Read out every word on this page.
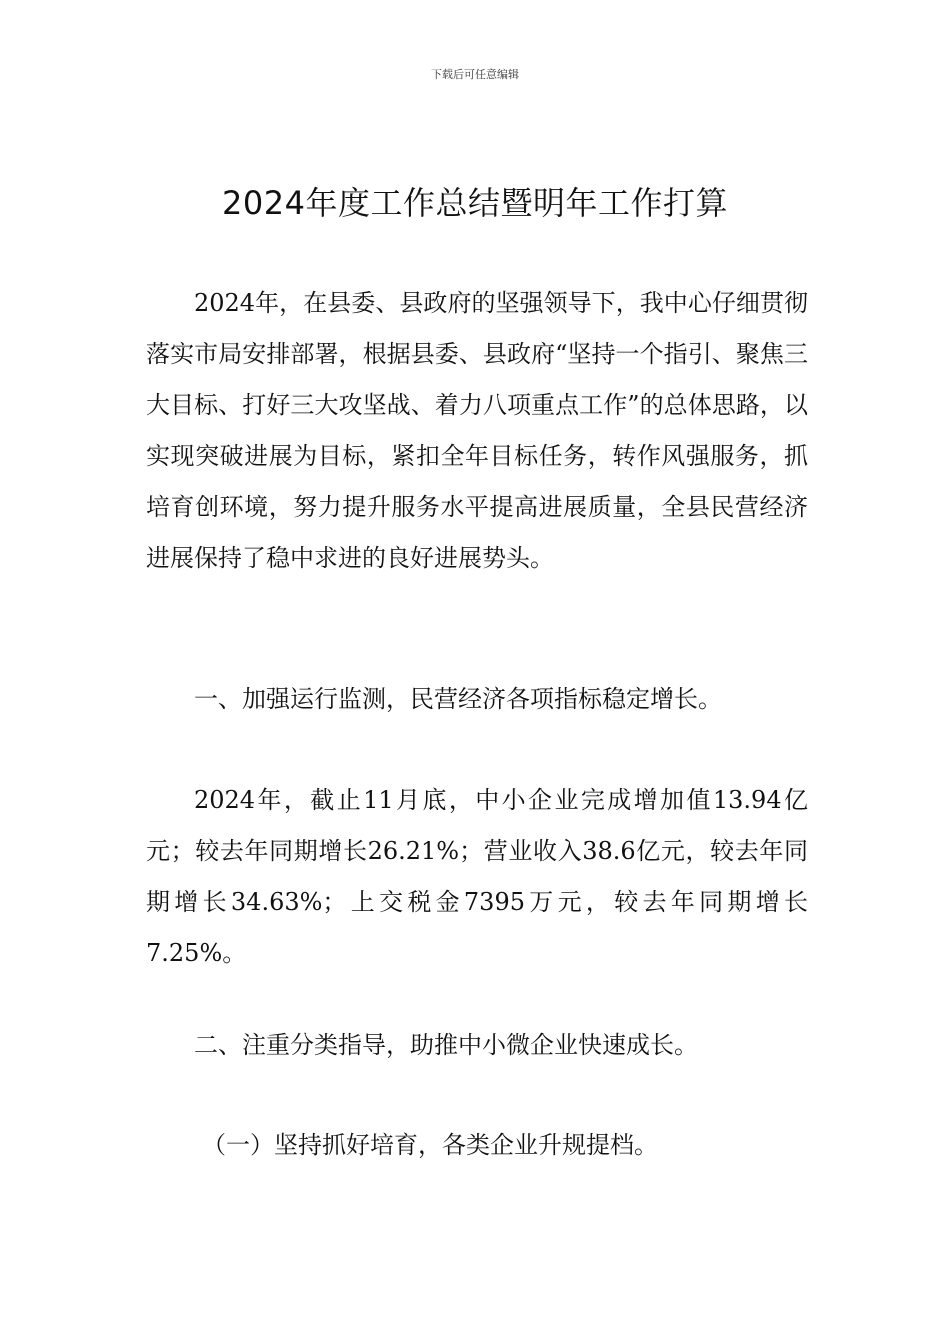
下载后可任意编辑
2024年度工作总结暨明年工作打算

2024年，在县委、县政府的坚强领导下，我中心仔细贯彻落实市局安排部署，根据县委、县政府“坚持一个指引、聚焦三大目标、打好三大攻坚战、着力八项重点工作”的总体思路，以实现突破进展为目标，紧扣全年目标任务，转作风强服务，抓培育创环境，努力提升服务水平提高进展质量，全县民营经济进展保持了稳中求进的良好进展势头。

一、加强运行监测，民营经济各项指标稳定增长。

2024年，截止11月底，中小企业完成增加值13.94亿元；较去年同期增长26.21%；营业收入38.6亿元，较去年同期增长34.63%；上交税金7395万元，较去年同期增长7.25%。

二、注重分类指导，助推中小微企业快速成长。

（一）坚持抓好培育，各类企业升规提档。
